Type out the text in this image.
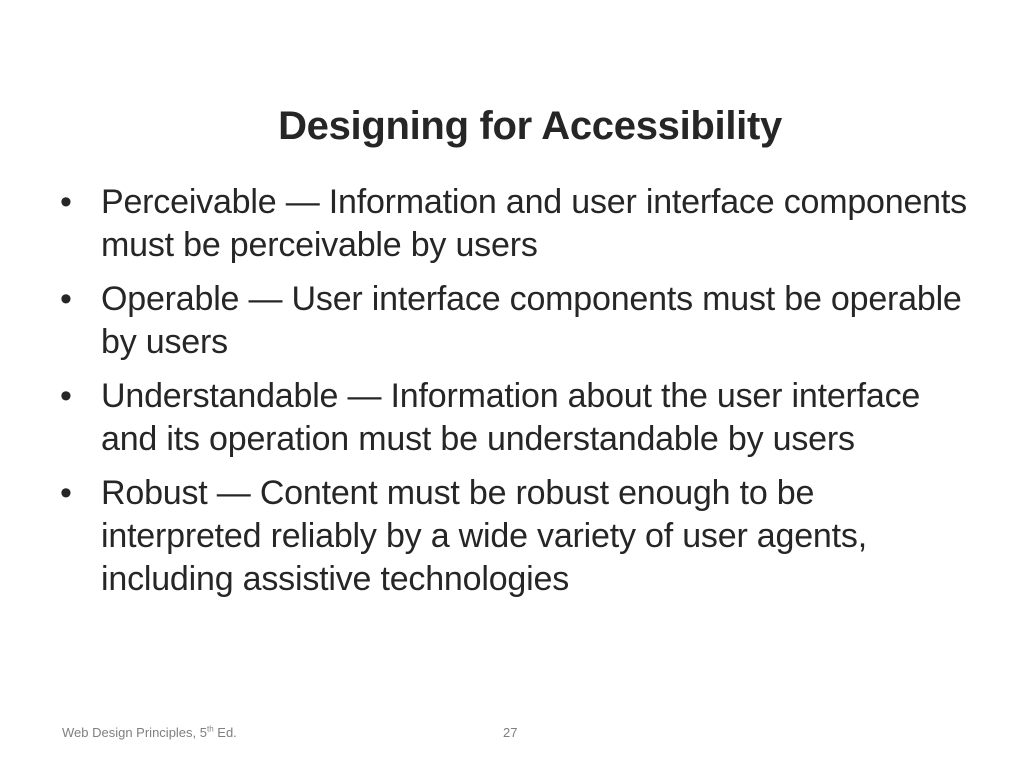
Designing for Accessibility
• Perceivable — Information and user interface components must be perceivable by users
• Operable — User interface components must be operable by users
• Understandable — Information about the user interface and its operation must be understandable by users
• Robust — Content must be robust enough to be interpreted reliably by a wide variety of user agents, including assistive technologies
Web Design Principles, 5th Ed.	27
